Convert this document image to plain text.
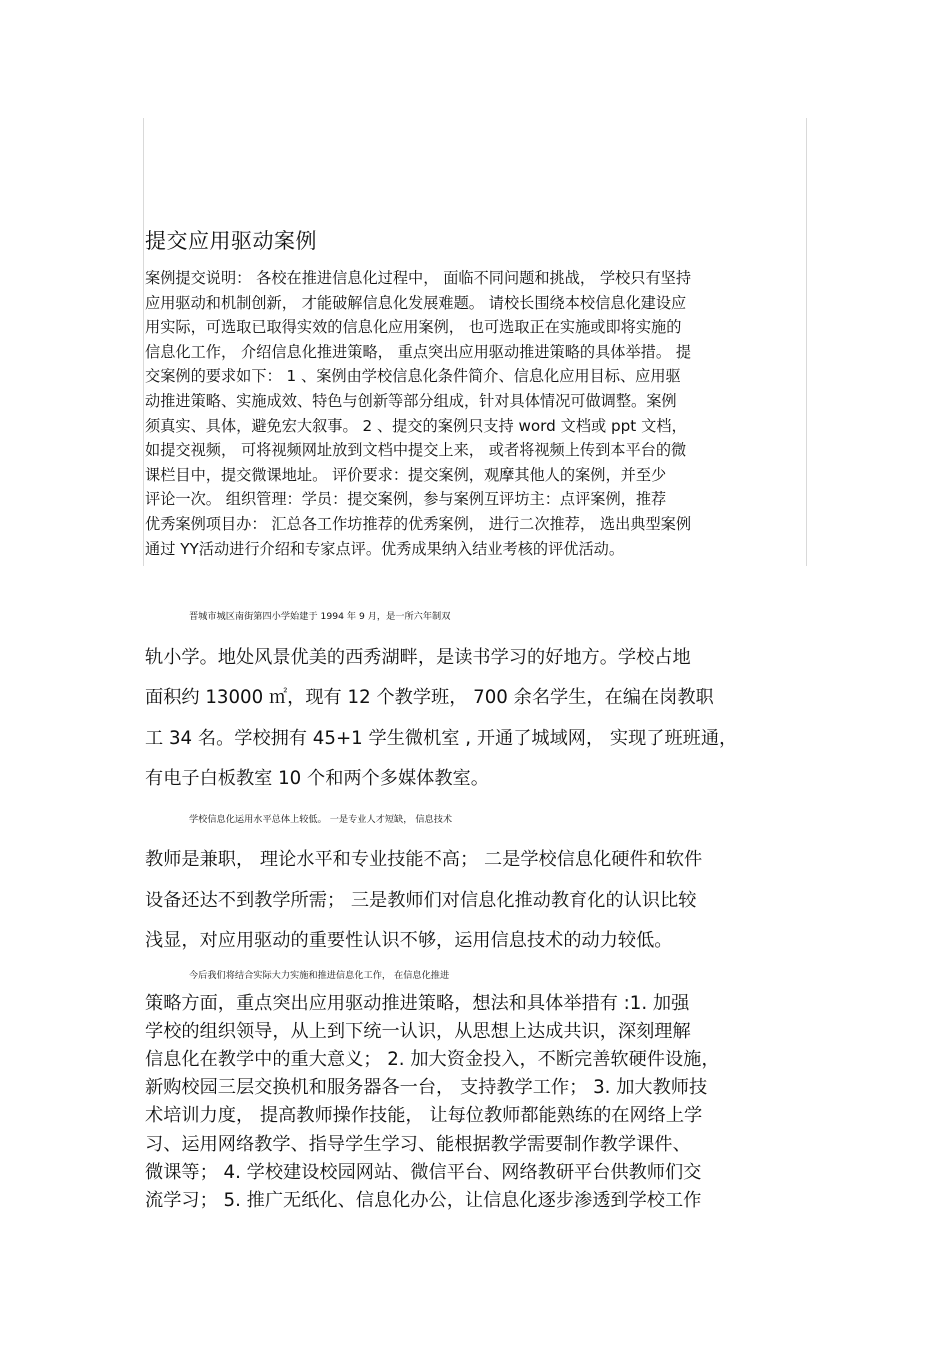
提交应用驱动案例
案例提交说明： 各校在推进信息化过程中， 面临不同问题和挑战， 学校只有坚持
应用驱动和机制创新， 才能破解信息化发展难题。 请校长围绕本校信息化建设应
用实际，可选取已取得实效的信息化应用案例， 也可选取正在实施或即将实施的
信息化工作， 介绍信息化推进策略， 重点突出应用驱动推进策略的具体举措。 提
交案例的要求如下： 1 、案例由学校信息化条件简介、信息化应用目标、应用驱
动推进策略、实施成效、特色与创新等部分组成，针对具体情况可做调整。案例
须真实、具体，避免宏大叙事。 2 、提交的案例只支持 word 文档或 ppt 文档，
如提交视频， 可将视频网址放到文档中提交上来， 或者将视频上传到本平台的微
课栏目中，提交微课地址。 评价要求：提交案例，观摩其他人的案例，并至少
评论一次。 组织管理：学员：提交案例，参与案例互评坊主：点评案例，推荐
优秀案例项目办： 汇总各工作坊推荐的优秀案例， 进行二次推荐， 选出典型案例
通过 YY活动进行介绍和专家点评。优秀成果纳入结业考核的评优活动。
晋城市城区南街第四小学始建于 1994 年 9 月，是一所六年制双
轨小学。地处风景优美的西秀湖畔，是读书学习的好地方。学校占地
面积约 13000 ㎡，现有 12 个教学班， 700 余名学生，在编在岗教职
工 34 名。学校拥有 45+1 学生微机室 , 开通了城域网， 实现了班班通，
有电子白板教室 10 个和两个多媒体教室。
学校信息化运用水平总体上较低。 一是专业人才短缺， 信息技术
教师是兼职， 理论水平和专业技能不高； 二是学校信息化硬件和软件
设备还达不到教学所需； 三是教师们对信息化推动教育化的认识比较
浅显，对应用驱动的重要性认识不够，运用信息技术的动力较低。
今后我们将结合实际大力实施和推进信息化工作， 在信息化推进
策略方面，重点突出应用驱动推进策略，想法和具体举措有 :1. 加强
学校的组织领导，从上到下统一认识，从思想上达成共识，深刻理解
信息化在教学中的重大意义； 2. 加大资金投入，不断完善软硬件设施，
新购校园三层交换机和服务器各一台， 支持教学工作； 3. 加大教师技
术培训力度， 提高教师操作技能， 让每位教师都能熟练的在网络上学
习、运用网络教学、指导学生学习、能根据教学需要制作教学课件、
微课等； 4. 学校建设校园网站、微信平台、网络教研平台供教师们交
流学习； 5. 推广无纸化、信息化办公，让信息化逐步渗透到学校工作
